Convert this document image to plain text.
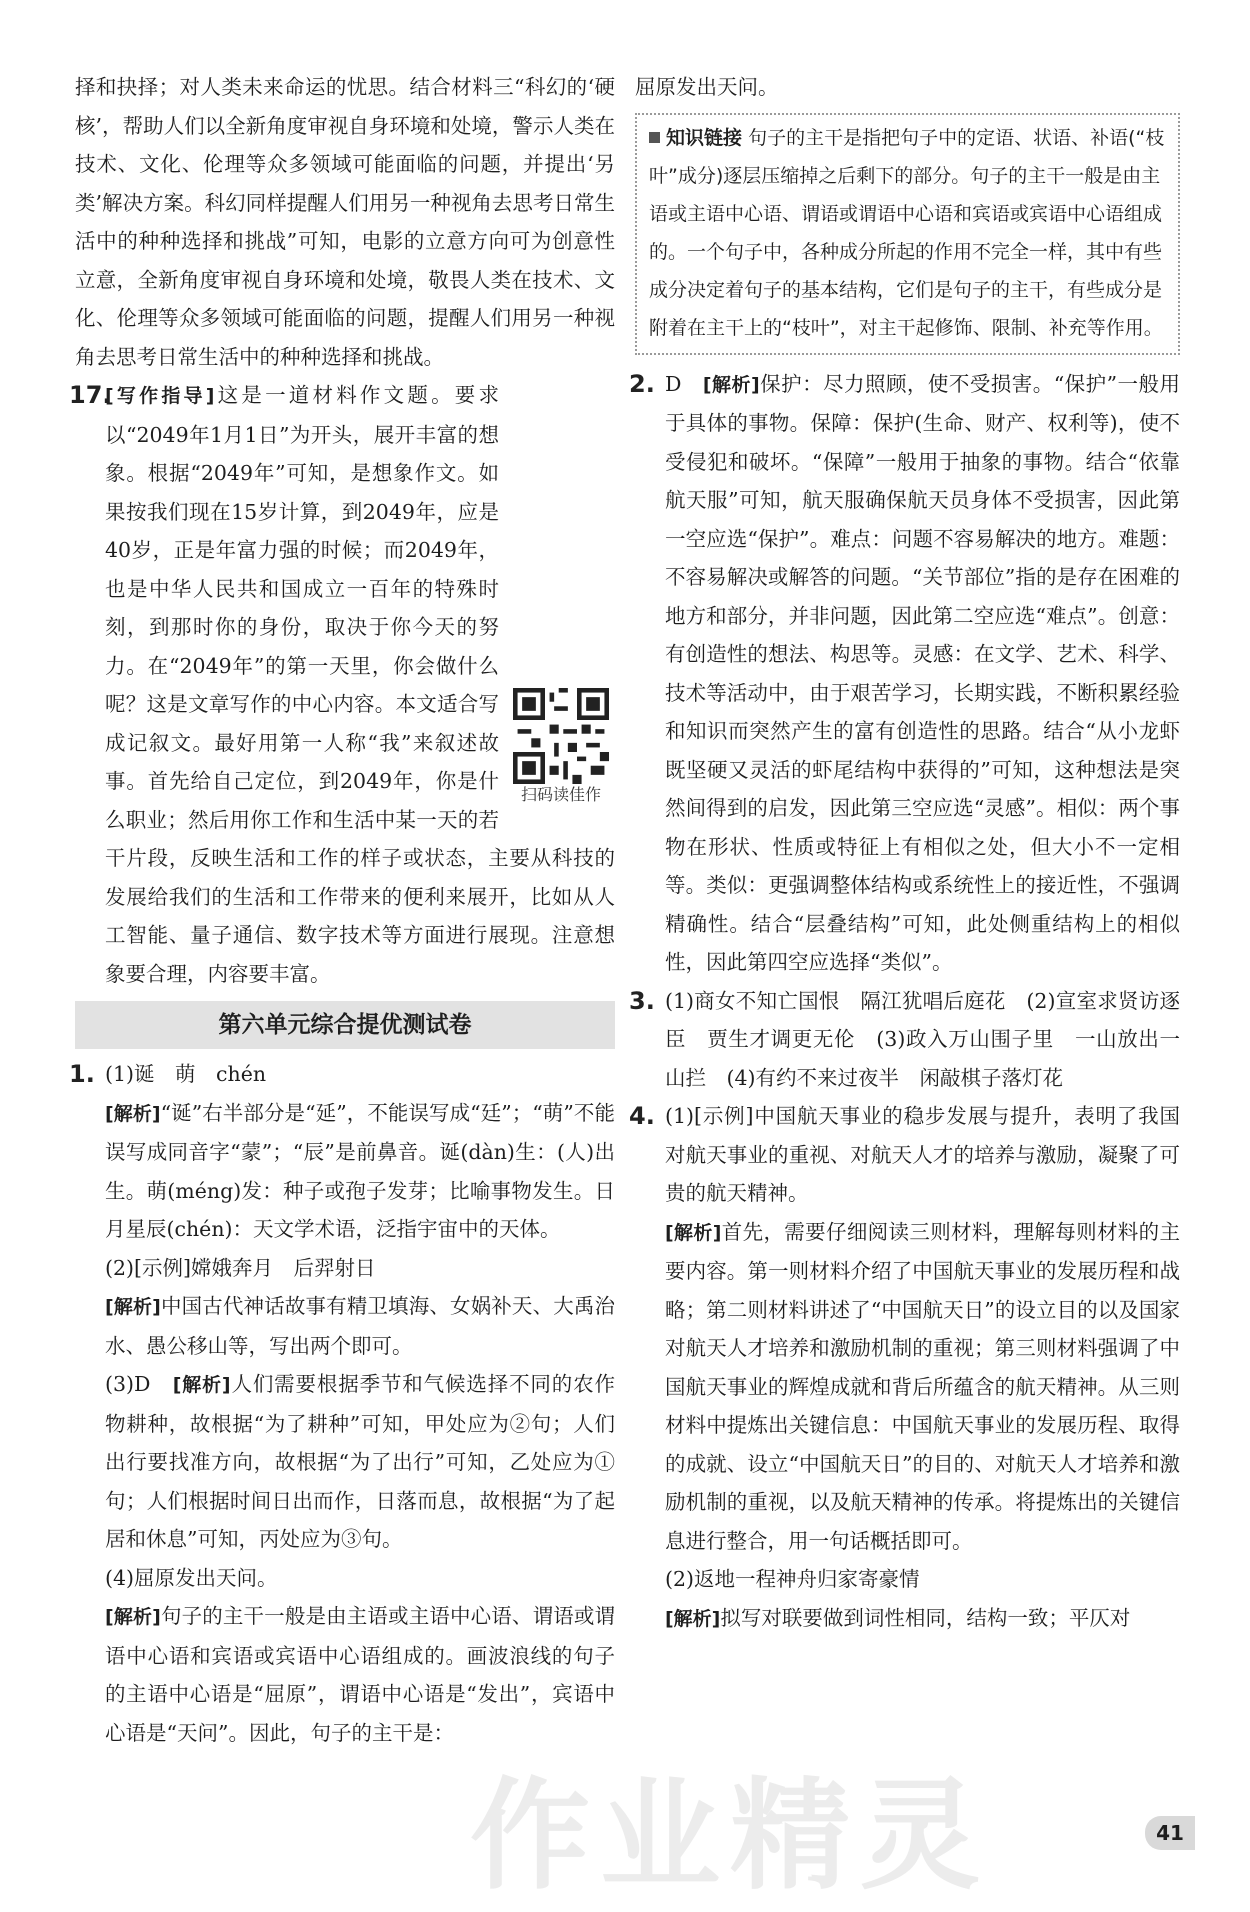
择和抉择；对人类未来命运的忧思。结合材料三“科幻的‘硬核’，帮助人们以全新角度审视自身环境和处境，警示人类在技术、文化、伦理等众多领域可能面临的问题，并提出‘另类’解决方案。科幻同样提醒人们用另一种视角去思考日常生活中的种种选择和挑战”可知，电影的立意方向可为创意性立意，全新角度审视自身环境和处境，敬畏人类在技术、文化、伦理等众多领域可能面临的问题，提醒人们用另一种视角去思考日常生活中的种种选择和挑战。

17.
扫码读佳作

[写作指导]这是一道材料作文题。要求以“2049年1月1日”为开头，展开丰富的想象。根据“2049年”可知，是想象作文。如果按我们现在15岁计算，到2049年，应是40岁，正是年富力强的时候；而2049年，也是中华人民共和国成立一百年的特殊时刻，到那时你的身份，取决于你今天的努力。在“2049年”的第一天里，你会做什么呢？这是文章写作的中心内容。本文适合写成记叙文。最好用第一人称“我”来叙述故事。首先给自己定位，到2049年，你是什么职业；然后用你工作和生活中某一天的若干片段，反映生活和工作的样子或状态，主要从科技的发展给我们的生活和工作带来的便利来展开，比如从人工智能、量子通信、数字技术等方面进行展现。注意想象要合理，内容要丰富。

第六单元综合提优测试卷
1. (1)诞　萌　chén

[解析]“诞”右半部分是“延”，不能误写成“廷”；“萌”不能误写成同音字“蒙”；“辰”是前鼻音。诞(dàn)生：(人)出生。萌(méng)发：种子或孢子发芽；比喻事物发生。日月星辰(chén)：天文学术语，泛指宇宙中的天体。

(2)[示例]嫦娥奔月　后羿射日

[解析]中国古代神话故事有精卫填海、女娲补天、大禹治水、愚公移山等，写出两个即可。

(3)D　[解析]人们需要根据季节和气候选择不同的农作物耕种，故根据“为了耕种”可知，甲处应为②句；人们出行要找准方向，故根据“为了出行”可知，乙处应为①句；人们根据时间日出而作，日落而息，故根据“为了起居和休息”可知，丙处应为③句。

(4)屈原发出天问。

[解析]句子的主干一般是由主语或主语中心语、谓语或谓语中心语和宾语或宾语中心语组成的。画波浪线的句子的主语中心语是“屈原”，谓语中心语是“发出”，宾语中心语是“天问”。因此，句子的主干是：

屈原发出天问。

知识链接 句子的主干是指把句子中的定语、状语、补语(“枝叶”成分)逐层压缩掉之后剩下的部分。句子的主干一般是由主语或主语中心语、谓语或谓语中心语和宾语或宾语中心语组成的。一个句子中，各种成分所起的作用不完全一样，其中有些成分决定着句子的基本结构，它们是句子的主干，有些成分是附着在主干上的“枝叶”，对主干起修饰、限制、补充等作用。
2. D　[解析]保护：尽力照顾，使不受损害。“保护”一般用于具体的事物。保障：保护(生命、财产、权利等)，使不受侵犯和破坏。“保障”一般用于抽象的事物。结合“依靠航天服”可知，航天服确保航天员身体不受损害，因此第一空应选“保护”。难点：问题不容易解决的地方。难题：不容易解决或解答的问题。“关节部位”指的是存在困难的地方和部分，并非问题，因此第二空应选“难点”。创意：有创造性的想法、构思等。灵感：在文学、艺术、科学、技术等活动中，由于艰苦学习，长期实践，不断积累经验和知识而突然产生的富有创造性的思路。结合“从小龙虾既坚硬又灵活的虾尾结构中获得的”可知，这种想法是突然间得到的启发，因此第三空应选“灵感”。相似：两个事物在形状、性质或特征上有相似之处，但大小不一定相等。类似：更强调整体结构或系统性上的接近性，不强调精确性。结合“层叠结构”可知，此处侧重结构上的相似性，因此第四空应选择“类似”。

3. (1)商女不知亡国恨　隔江犹唱后庭花　(2)宣室求贤访逐臣　贾生才调更无伦　(3)政入万山围子里　一山放出一山拦　(4)有约不来过夜半　闲敲棋子落灯花

4. (1)[示例]中国航天事业的稳步发展与提升，表明了我国对航天事业的重视、对航天人才的培养与激励，凝聚了可贵的航天精神。

[解析]首先，需要仔细阅读三则材料，理解每则材料的主要内容。第一则材料介绍了中国航天事业的发展历程和战略；第二则材料讲述了“中国航天日”的设立目的以及国家对航天人才培养和激励机制的重视；第三则材料强调了中国航天事业的辉煌成就和背后所蕴含的航天精神。从三则材料中提炼出关键信息：中国航天事业的发展历程、取得的成就、设立“中国航天日”的目的、对航天人才培养和激励机制的重视，以及航天精神的传承。将提炼出的关键信息进行整合，用一句话概括即可。

(2)返地一程神舟归家寄豪情

[解析]拟写对联要做到词性相同，结构一致；平仄对

41
作业精灵
